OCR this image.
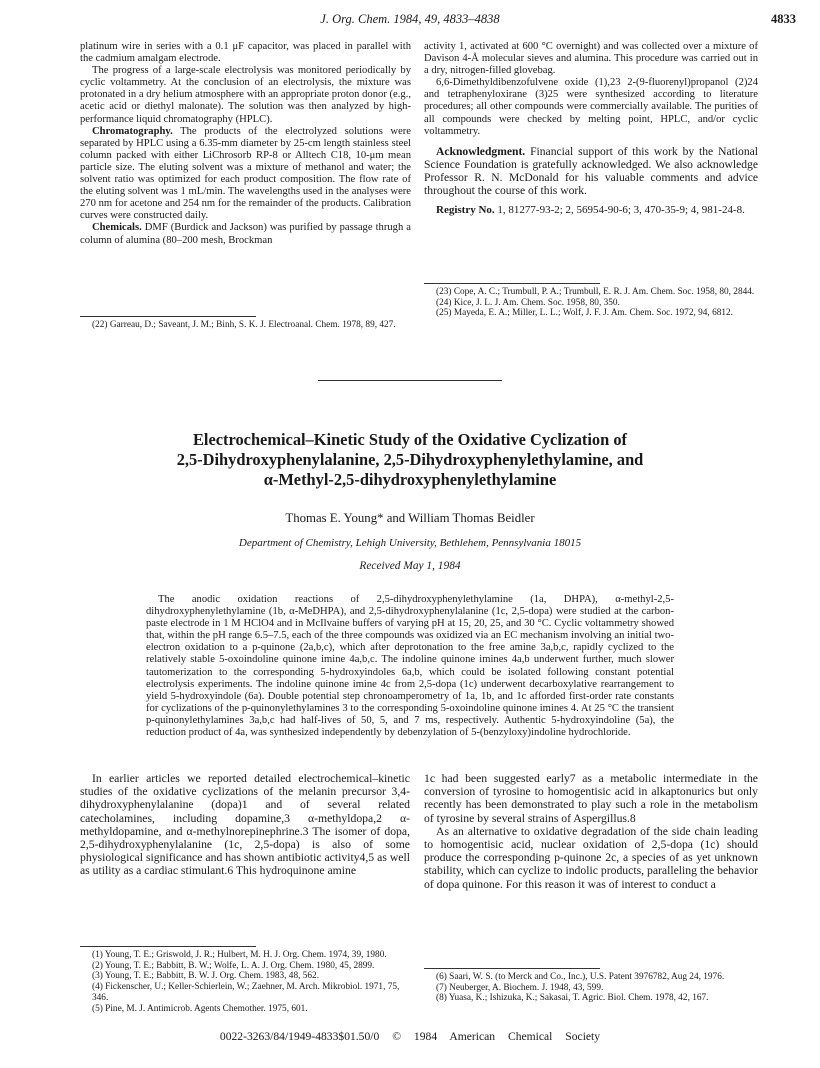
J. Org. Chem. 1984, 49, 4833–4838	4833

platinum wire in series with a 0.1 μF capacitor, was placed in parallel with the cadmium amalgam electrode.

The progress of a large-scale electrolysis was monitored periodically by cyclic voltammetry. At the conclusion of an electrolysis, the mixture was protonated in a dry helium atmosphere with an appropriate proton donor (e.g., acetic acid or diethyl malonate). The solution was then analyzed by high-performance liquid chromatography (HPLC).

Chromatography. The products of the electrolyzed solutions were separated by HPLC using a 6.35-mm diameter by 25-cm length stainless steel column packed with either LiChrosorb RP-8 or Alltech C18, 10-μm mean particle size. The eluting solvent was a mixture of methanol and water; the solvent ratio was optimized for each product composition. The flow rate of the eluting solvent was 1 mL/min. The wavelengths used in the analyses were 270 nm for acetone and 254 nm for the remainder of the products. Calibration curves were constructed daily.

Chemicals. DMF (Burdick and Jackson) was purified by passage thrugh a column of alumina (80–200 mesh, Brockman

(22) Garreau, D.; Saveant, J. M.; Binh, S. K. J. Electroanal. Chem. 1978, 89, 427.

activity 1, activated at 600 °C overnight) and was collected over a mixture of Davison 4-Å molecular sieves and alumina. This procedure was carried out in a dry, nitrogen-filled glovebag.

6,6-Dimethyldibenzofulvene oxide (1),23 2-(9-fluorenyl)propanol (2)24 and tetraphenyloxirane (3)25 were synthesized according to literature procedures; all other compounds were commercially available. The purities of all compounds were checked by melting point, HPLC, and/or cyclic voltammetry.

Acknowledgment. Financial support of this work by the National Science Foundation is gratefully acknowledged. We also acknowledge Professor R. N. McDonald for his valuable comments and advice throughout the course of this work.

Registry No. 1, 81277-93-2; 2, 56954-90-6; 3, 470-35-9; 4, 981-24-8.

(23) Cope, A. C.; Trumbull, P. A.; Trumbull, E. R. J. Am. Chem. Soc. 1958, 80, 2844.
(24) Kice, J. L. J. Am. Chem. Soc. 1958, 80, 350.
(25) Mayeda, E. A.; Miller, L. L.; Wolf, J. F. J. Am. Chem. Soc. 1972, 94, 6812.
Electrochemical–Kinetic Study of the Oxidative Cyclization of
2,5-Dihydroxyphenylalanine, 2,5-Dihydroxyphenylethylamine, and
α-Methyl-2,5-dihydroxyphenylethylamine
Thomas E. Young* and William Thomas Beidler
Department of Chemistry, Lehigh University, Bethlehem, Pennsylvania 18015
Received May 1, 1984
The anodic oxidation reactions of 2,5-dihydroxyphenylethylamine (1a, DHPA), α-methyl-2,5-dihydroxyphenylethylamine (1b, α-MeDHPA), and 2,5-dihydroxyphenylalanine (1c, 2,5-dopa) were studied at the carbon-paste electrode in 1 M HClO4 and in McIlvaine buffers of varying pH at 15, 20, 25, and 30 °C. Cyclic voltammetry showed that, within the pH range 6.5–7.5, each of the three compounds was oxidized via an EC mechanism involving an initial two-electron oxidation to a p-quinone (2a,b,c), which after deprotonation to the free amine 3a,b,c, rapidly cyclized to the relatively stable 5-oxoindoline quinone imine 4a,b,c. The indoline quinone imines 4a,b underwent further, much slower tautomerization to the corresponding 5-hydroxyindoles 6a,b, which could be isolated following constant potential electrolysis experiments. The indoline quinone imine 4c from 2,5-dopa (1c) underwent decarboxylative rearrangement to yield 5-hydroxyindole (6a). Double potential step chronoamperometry of 1a, 1b, and 1c afforded first-order rate constants for cyclizations of the p-quinonylethylamines 3 to the corresponding 5-oxoindoline quinone imines 4. At 25 °C the transient p-quinonylethylamines 3a,b,c had half-lives of 50, 5, and 7 ms, respectively. Authentic 5-hydroxyindoline (5a), the reduction product of 4a, was synthesized independently by debenzylation of 5-(benzyloxy)indoline hydrochloride.

In earlier articles we reported detailed electrochemical–kinetic studies of the oxidative cyclizations of the melanin precursor 3,4-dihydroxyphenylalanine (dopa)1 and of several related catecholamines, including dopamine,3 α-methyldopa,2 α-methyldopamine, and α-methylnorepinephrine.3 The isomer of dopa, 2,5-dihydroxyphenylalanine (1c, 2,5-dopa) is also of some physiological significance and has shown antibiotic activity4,5 as well as utility as a cardiac stimulant.6 This hydroquinone amine

(1) Young, T. E.; Griswold, J. R.; Hulbert, M. H. J. Org. Chem. 1974, 39, 1980.
(2) Young, T. E.; Babbitt, B. W.; Wolfe, L. A. J. Org. Chem. 1980, 45, 2899.
(3) Young, T. E.; Babbitt, B. W. J. Org. Chem. 1983, 48, 562.
(4) Fickenscher, U.; Keller-Schierlein, W.; Zaehner, M. Arch. Mikrobiol. 1971, 75, 346.
(5) Pine, M. J. Antimicrob. Agents Chemother. 1975, 601.

1c had been suggested early7 as a metabolic intermediate in the conversion of tyrosine to homogentisic acid in alkaptonurics but only recently has been demonstrated to play such a role in the metabolism of tyrosine by several strains of Aspergillus.8

As an alternative to oxidative degradation of the side chain leading to homogentisic acid, nuclear oxidation of 2,5-dopa (1c) should produce the corresponding p-quinone 2c, a species of as yet unknown stability, which can cyclize to indolic products, paralleling the behavior of dopa quinone. For this reason it was of interest to conduct a

(6) Saari, W. S. (to Merck and Co., Inc.), U.S. Patent 3976782, Aug 24, 1976.
(7) Neuberger, A. Biochem. J. 1948, 43, 599.
(8) Yuasa, K.; Ishizuka, K.; Sakasai, T. Agric. Biol. Chem. 1978, 42, 167.
0022-3263/84/1949-4833$01.50/0 © 1984 American Chemical Society
